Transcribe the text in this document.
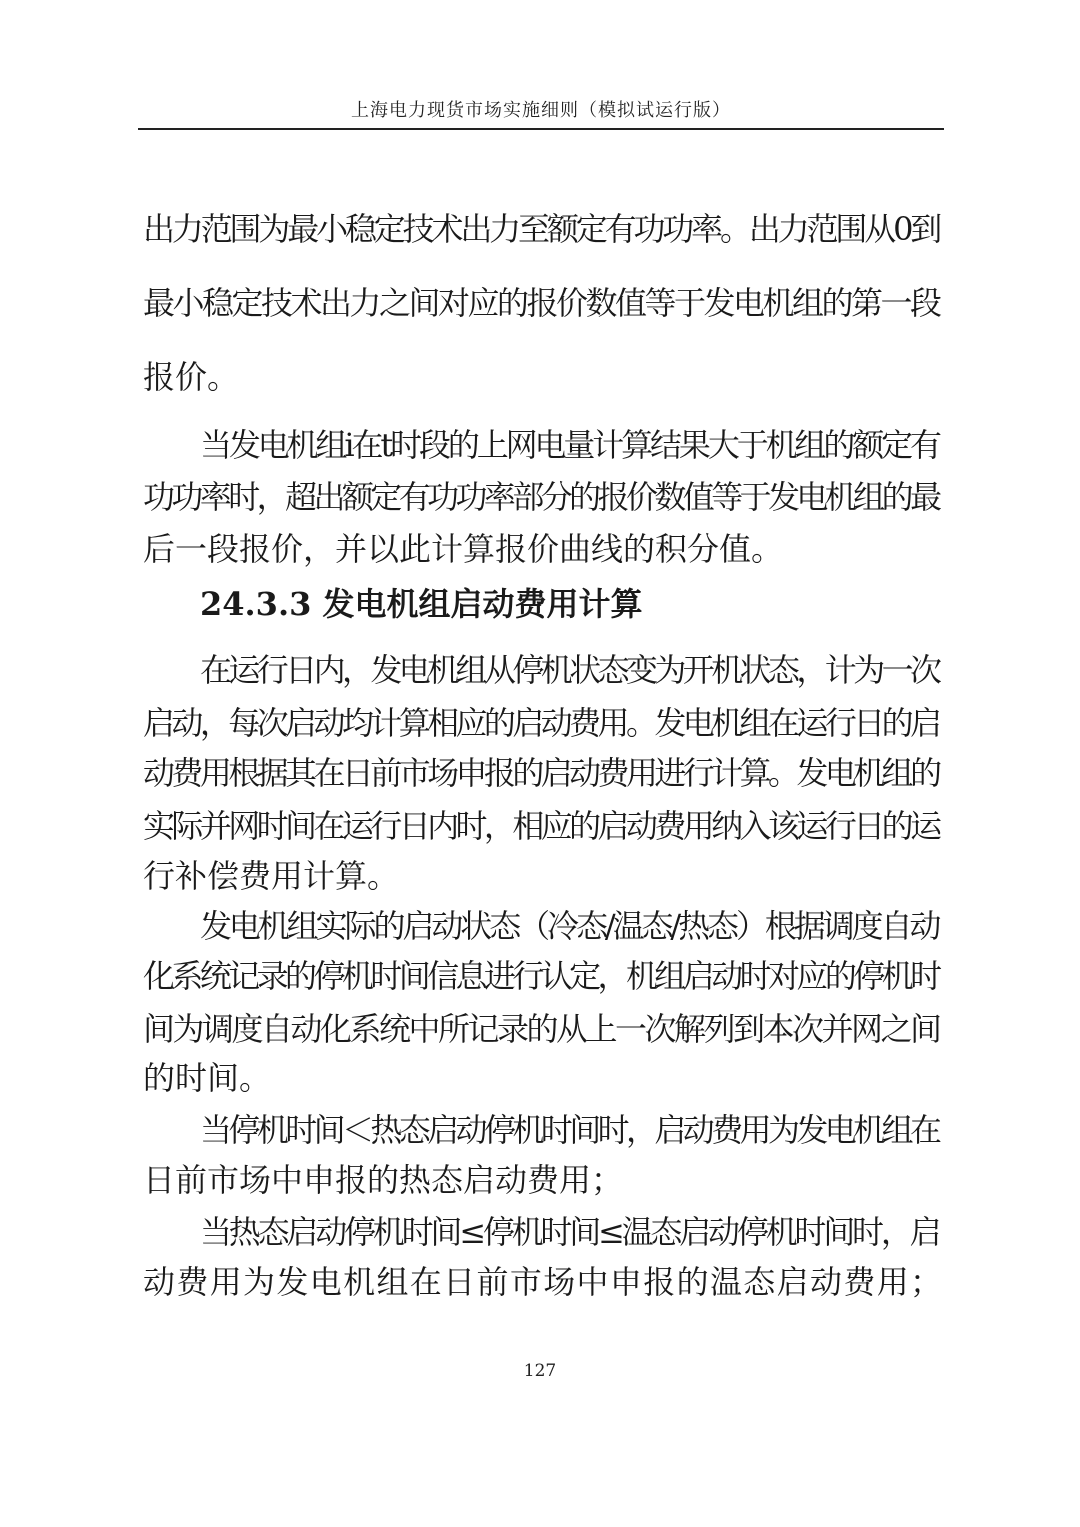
上海电力现货市场实施细则（模拟试运行版）
出力范围为最小稳定技术出力至额定有功功率。出力范围从0到
最小稳定技术出力之间对应的报价数值等于发电机组的第一段
报价。
当发电机组i在t时段的上网电量计算结果大于机组的额定有
功功率时，超出额定有功功率部分的报价数值等于发电机组的最
后一段报价，并以此计算报价曲线的积分值。
24.3.3 发电机组启动费用计算
在运行日内，发电机组从停机状态变为开机状态，计为一次
启动，每次启动均计算相应的启动费用。发电机组在运行日的启
动费用根据其在日前市场申报的启动费用进行计算。发电机组的
实际并网时间在运行日内时，相应的启动费用纳入该运行日的运
行补偿费用计算。
发电机组实际的启动状态（冷态/温态/热态）根据调度自动
化系统记录的停机时间信息进行认定，机组启动时对应的停机时
间为调度自动化系统中所记录的从上一次解列到本次并网之间
的时间。
当停机时间＜热态启动停机时间时，启动费用为发电机组在
日前市场中申报的热态启动费用；
当热态启动停机时间≤停机时间≤温态启动停机时间时，启
动费用为发电机组在日前市场中申报的温态启动费用；
127
